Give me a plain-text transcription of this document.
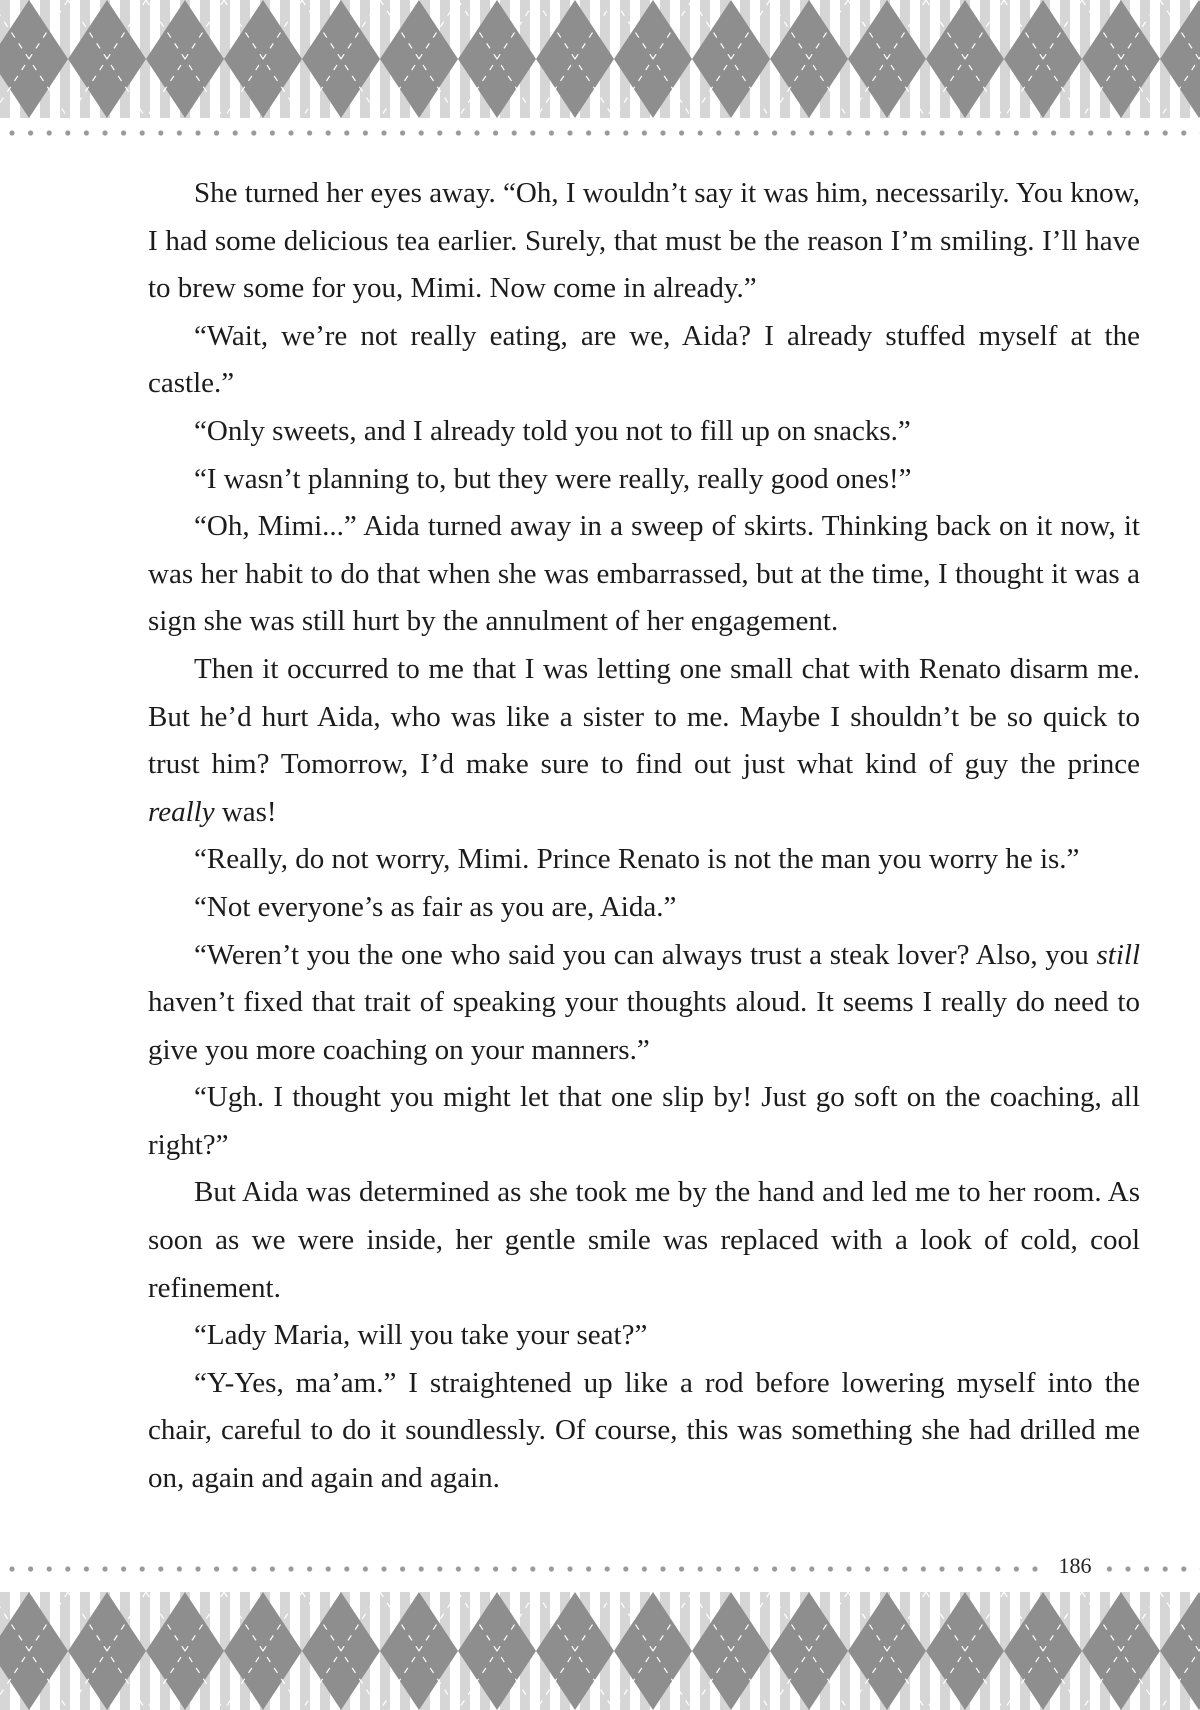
She turned her eyes away. “Oh, I wouldn’t say it was him, necessarily. You know, I had some delicious tea earlier. Surely, that must be the reason I’m smiling. I’ll have to brew some for you, Mimi. Now come in already.”

“Wait, we’re not really eating, are we, Aida? I already stuffed myself at the castle.”

“Only sweets, and I already told you not to fill up on snacks.”

“I wasn’t planning to, but they were really, really good ones!”

“Oh, Mimi...” Aida turned away in a sweep of skirts. Thinking back on it now, it was her habit to do that when she was embarrassed, but at the time, I thought it was a sign she was still hurt by the annulment of her engagement.

Then it occurred to me that I was letting one small chat with Renato disarm me. But he’d hurt Aida, who was like a sister to me. Maybe I shouldn’t be so quick to trust him? Tomorrow, I’d make sure to find out just what kind of guy the prince really was!

“Really, do not worry, Mimi. Prince Renato is not the man you worry he is.”

“Not everyone’s as fair as you are, Aida.”

“Weren’t you the one who said you can always trust a steak lover? Also, you still haven’t fixed that trait of speaking your thoughts aloud. It seems I really do need to give you more coaching on your manners.”

“Ugh. I thought you might let that one slip by! Just go soft on the coaching, all right?”

But Aida was determined as she took me by the hand and led me to her room. As soon as we were inside, her gentle smile was replaced with a look of cold, cool refinement.

“Lady Maria, will you take your seat?”

“Y-Yes, ma’am.” I straightened up like a rod before lowering myself into the chair, careful to do it soundlessly. Of course, this was something she had drilled me on, again and again and again.

186
